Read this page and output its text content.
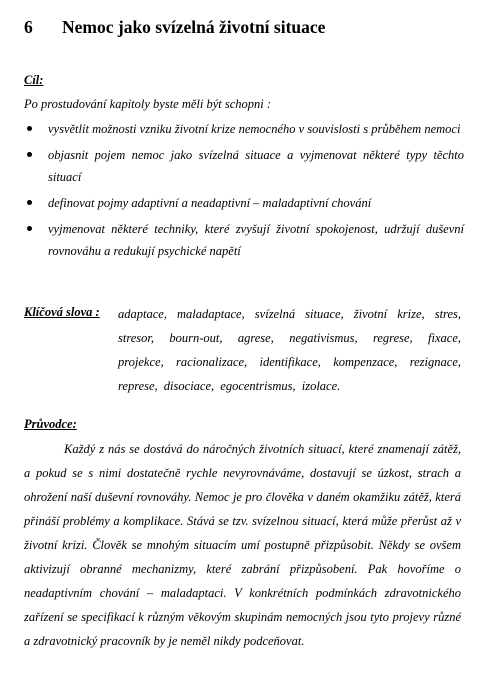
6 Nemoc jako svízelná životní situace
Cíl:
Po prostudování kapitoly byste měli být schopni :
vysvětlit možnosti vzniku životní krize nemocného v souvislosti s průběhem nemoci
objasnit pojem nemoc jako svízelná situace a vyjmenovat některé typy těchto situací
definovat pojmy adaptivní a neadaptivní – maladaptivní chování
vyjmenovat některé techniky, které zvyšují životní spokojenost, udržují duševní rovnováhu a redukují psychické napětí
Klíčová slova : adaptace, maladaptace, svízelná situace, životní krize, stres, stresor, bourn-out, agrese, negativismus, regrese, fixace, projekce, racionalizace, identifikace, kompenzace, rezignace, represe, disociace, egocentrismus, izolace.
Průvodce:
Každý z nás se dostává do náročných životních situací, které znamenají zátěž, a pokud se s nimi dostatečně rychle nevyrovnáváme, dostavují se úzkost, strach a ohrožení naší duševní rovnováhy. Nemoc je pro člověka v daném okamžiku zátěž, která přináší problémy a komplikace. Stává se tzv. svízelnou situací, která může přerůst až v životní krizi. Člověk se mnohým situacím umí postupně přizpůsobit. Někdy se ovšem aktivizují obranné mechanizmy, které zabrání přizpůsobení. Pak hovoříme o neadaptivním chování – maladaptaci. V konkrétních podmínkách zdravotnického zařízení se specifikací k různým věkovým skupinám nemocných jsou tyto projevy různé a zdravotnický pracovník by je neměl nikdy podceňovat.
